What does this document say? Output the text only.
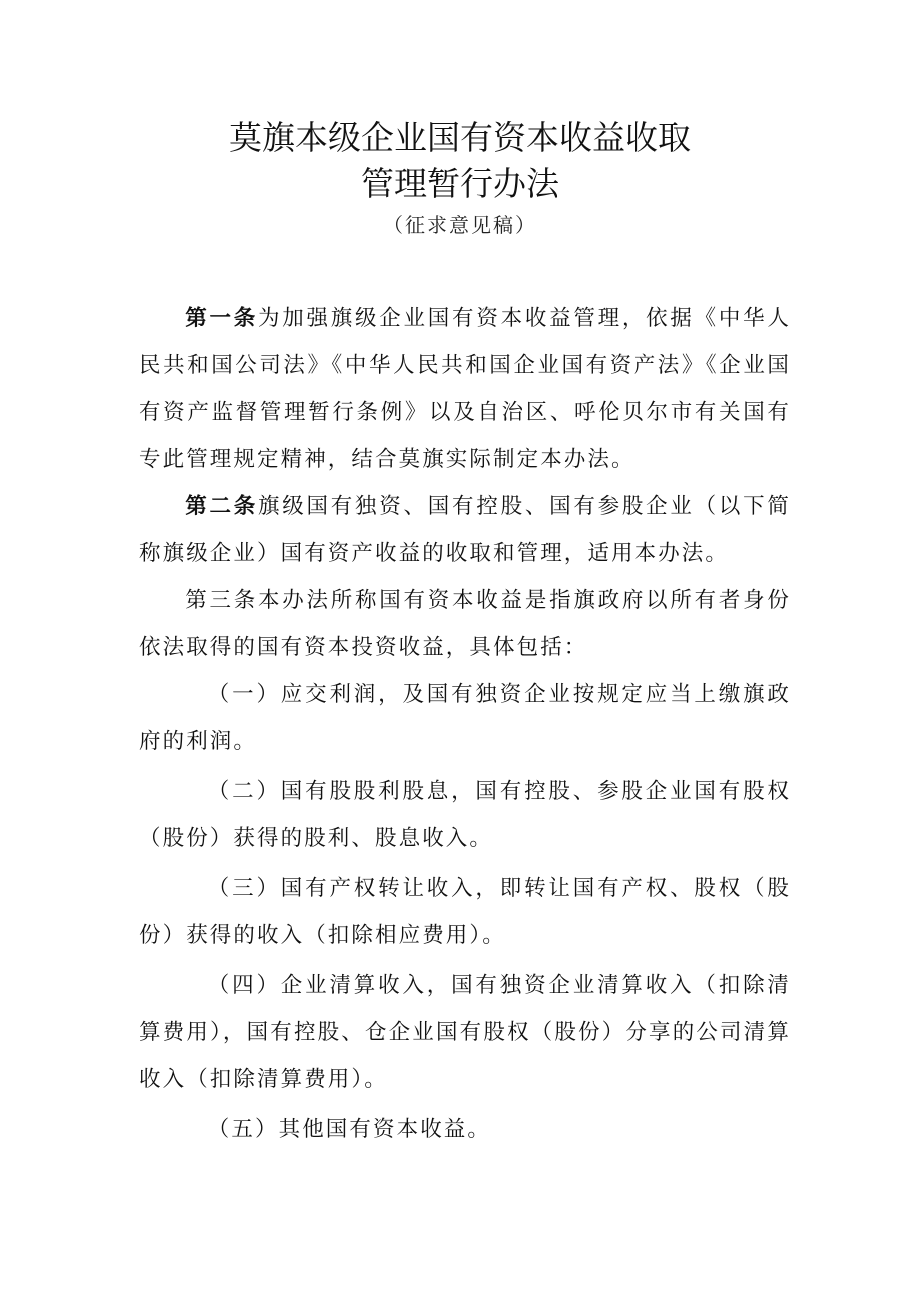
莫旗本级企业国有资本收益收取
管理暂行办法
（征求意见稿）

第一条为加强旗级企业国有资本收益管理，依据《中华人民共和国公司法》《中华人民共和国企业国有资产法》《企业国有资产监督管理暂行条例》以及自治区、呼伦贝尔市有关国有专此管理规定精神，结合莫旗实际制定本办法。

第二条旗级国有独资、国有控股、国有参股企业（以下简称旗级企业）国有资产收益的收取和管理，适用本办法。

第三条本办法所称国有资本收益是指旗政府以所有者身份依法取得的国有资本投资收益，具体包括：

（一）应交利润，及国有独资企业按规定应当上缴旗政府的利润。

（二）国有股股利股息，国有控股、参股企业国有股权（股份）获得的股利、股息收入。

（三）国有产权转让收入，即转让国有产权、股权（股份）获得的收入（扣除相应费用）。

（四）企业清算收入，国有独资企业清算收入（扣除清算费用），国有控股、仓企业国有股权（股份）分享的公司清算收入（扣除清算费用）。

（五）其他国有资本收益。
